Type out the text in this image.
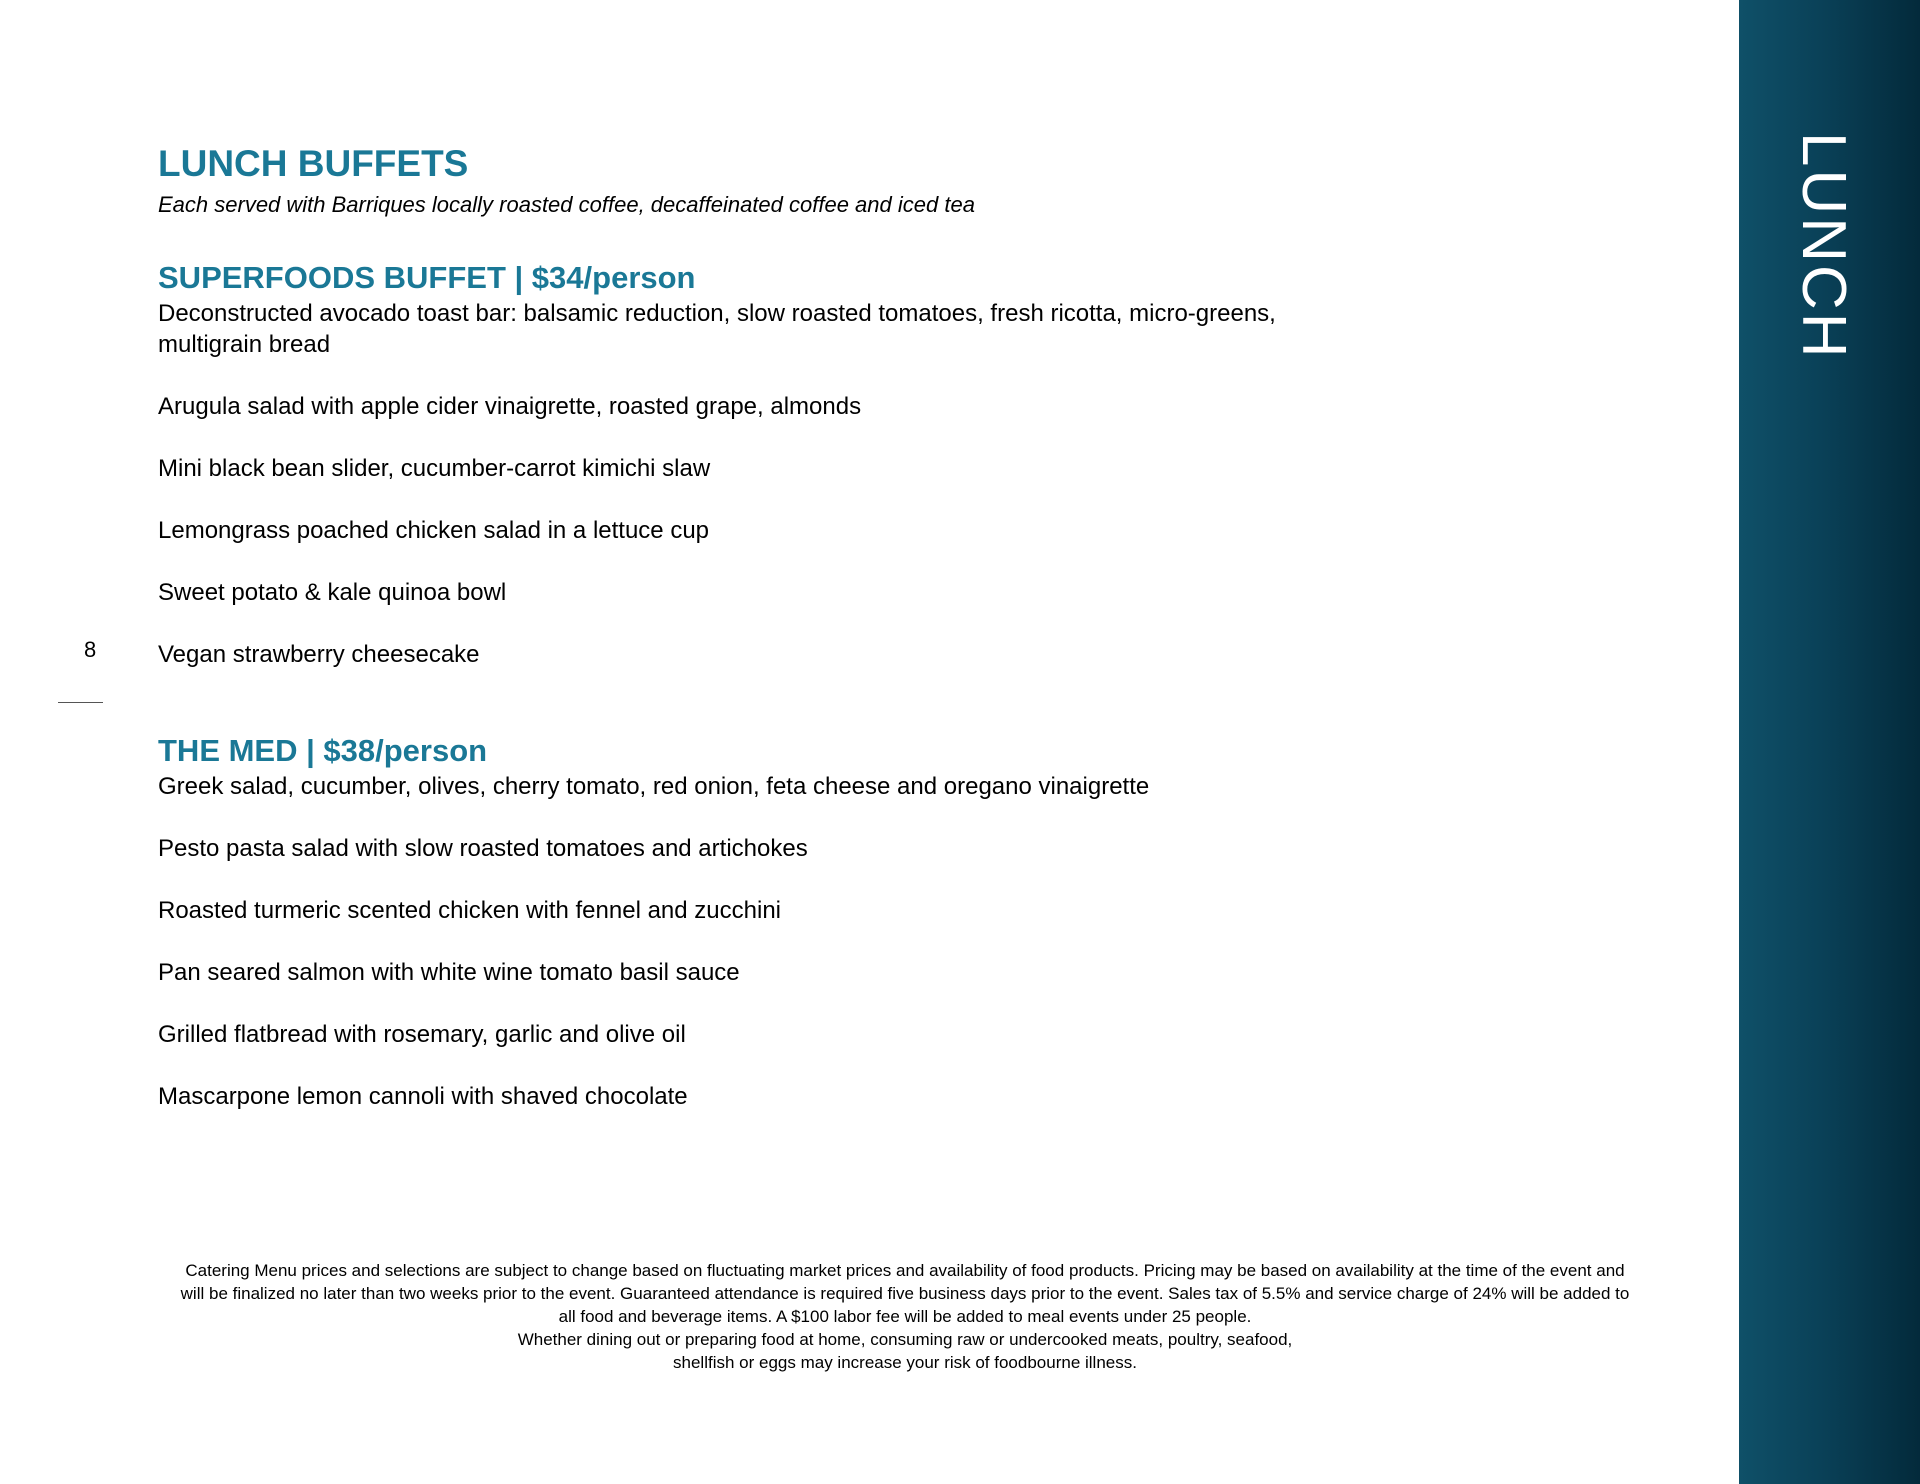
LUNCH BUFFETS

Each served with Barriques locally roasted coffee, decaffeinated coffee and iced tea

SUPERFOODS BUFFET | $34/person

Deconstructed avocado toast bar: balsamic reduction, slow roasted tomatoes, fresh ricotta, micro-greens, multigrain bread

Arugula salad with apple cider vinaigrette, roasted grape, almonds

Mini black bean slider, cucumber-carrot kimichi slaw

Lemongrass poached chicken salad in a lettuce cup

Sweet potato & kale quinoa bowl

Vegan strawberry cheesecake

THE MED | $38/person

Greek salad, cucumber, olives, cherry tomato, red onion, feta cheese and oregano vinaigrette

Pesto pasta salad with slow roasted tomatoes and artichokes

Roasted turmeric scented chicken with fennel and zucchini

Pan seared salmon with white wine tomato basil sauce

Grilled flatbread with rosemary, garlic and olive oil

Mascarpone lemon cannoli with shaved chocolate

8

Catering Menu prices and selections are subject to change based on fluctuating market prices and availability of food products. Pricing may be based on availability at the time of the event and will be finalized no later than two weeks prior to the event. Guaranteed attendance is required five business days prior to the event. Sales tax of 5.5% and service charge of 24% will be added to all food and beverage items. A $100 labor fee will be added to meal events under 25 people.

Whether dining out or preparing food at home, consuming raw or undercooked meats, poultry, seafood,

shellfish or eggs may increase your risk of foodbourne illness.

LUNCH
